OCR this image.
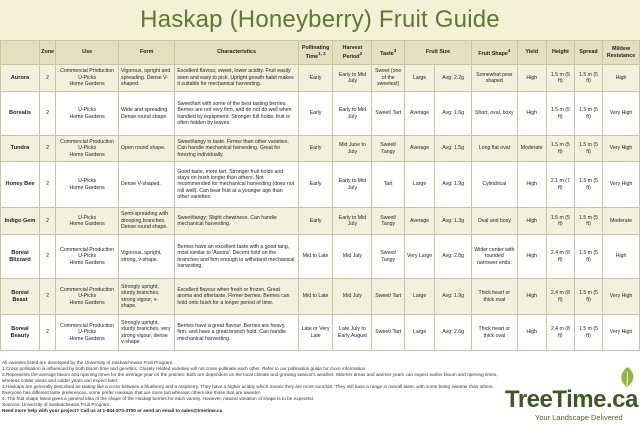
Haskap (Honeyberry) Fruit Guide
	Zone	Use	Form	Characteristics	Pollinating Time$^{1, 2}$	Harvest Period$^2$	Taste$^3$	Fruit Size		Fruit Shape$^4$	Yield	Height	Spread	Mildew Resistance
Aurora	2	Commercial Production
U-Picks
Home Gardens	Vigorous, upright and spreading. Dense V-shaped.	Excellent flavour, sweet, lower acidity. Fruit easily seen and easy to pick. Upright growth habit makes it suitable for mechanical harvesting.	Early	Early to Mid July	Sweet (one of the sweetest)	Large	Avg: 2.2g	Somewhat pear shaped	High	1.5 m (5 ft)	1.5 m (5 ft)	High
Borealis	2	U-Picks
Home Gardens	Wide and spreading. Dense round shape.	Sweet/tart with some of the best tasting berries. Berries are not very firm, and do not do well when handled by equipment. Stronger full holds, fruit is often hidden by leaves.	Early	Early to Mid July	Sweet/ Tart	Average	Avg: 1.6g	Short, oval, boxy	High	1.5 m (5 ft)	1.5 m (5 ft)	Very High
Tundra	2	Commercial Production
U-Picks
Home Gardens	Open round shape.	Sweet/tangy in taste. Firmer than other varieties. Can handle mechanical harvesting. Great for freezing individually.	Early	Mid June to July	Sweet/ Tangy	Average	Avg: 1.5g	Long flat oval	Moderate	1.5 m (5 ft)	1.5 m (5 ft)	Very High
Honey Bee	2	U-Picks
Home Gardens	Dense V-shaped.	Good taste, more tart. Stronger fruit holds and stays on bush longer than others. Not recommended for mechanical harvesting (does not roll well). Can bear fruit at a younger age than other varieties.	Early	Early to Mid July	Tart	Large	Avg: 1.9g	Cylindrical	High	2.1 m (7 ft)	1.5 m (5 ft)	Very High
Indigo Gem	2	U-Picks
Home Gardens	Semi-spreading with drooping branches. Dense round shape.	Sweet/tangy; Slight chewiness. Can handle mechanical harvesting.	Early	Early to Mid July	Sweet/ Tangy	Average	Avg: 1.3g	Oval and boxy	High	1.5 m (5 ft)	1.5 m (5 ft)	Moderate
Boreal Blizzard	2	Commercial Production
U-Picks
Home Gardens	Vigorous, upright, strong, v-shape.	Berries have an excellent taste with a good tang, most similar to 'Aurora'. Decent hold on the branches and firm enough to withstand mechanical harvesting.	Mid to Late	Mid July	Sweet/ Tangy	Very Large	Avg: 2.8g	Wider center with rounded narrower ends.	High	2.4 m (8 ft)	1.5 m (5 ft)	High
Boreal Beast	2	Commercial Production
U-Picks
Home Gardens	Strongly upright, sturdy branches, strong vigour, v-shape.	Excellent flavour when fresh or frozen. Great aroma and aftertaste. Firmer berries. Berries can hold onto bush for a longer period of time.	Mid to Late	Mid July	Sweet/ Tart	Large	Avg: 1.9g	Thick heart or thick oval	High	2.4 m (8 ft)	1.5 m (5 ft)	Very High
Boreal Beauty	2	Commercial Production
U-Picks
Home Gardens	Strongly upright, sturdy branches, very strong vigour, dense v-shape.	Berries have a great flavour. Berries are heavy, firm, and have a great branch hold. Can handle mechanical harvesting.	Late or Very Late	Late July to Early August	Sweet/ Tart	Large	Avg: 2.6g	Thick heart or thick oval	High	2.4 m (8 ft)	1.5 m (5 ft)	Very High
All varieties listed are developed by the University of Saskatchewan Fruit Program.
1.Cross pollination is influenced by both bloom time and genetics. Closely related varieties will not cross-pollinate each other. Refer to our pollination guide for more information.
2.Represents the average bloom and ripening times for the average year on the prairies. Both are dependent on the local climate and growing season's weather. Warmer areas and warmer years can expect earlier bloom and ripening times, whereas colder areas and colder years can expect later.
3.Haskaps are generally described as tasting like a cross between a blueberry and a raspberry. They have a higher acidity which means they are more sour/tart. They still have a range in overall taste, with some being sweeter than others. Everyone has different taste preferences, some prefer Haskaps that are more tart whereas others like those that are sweeter.
4. The fruit shape listed gives a general idea of the shape of the Haskap berries for each variety. However, natural variation of shape is to be expected.
Sources: University of Saskatchewan Fruit Program.
Need more help with your project? Call us at 1-844-873-3700 or send an email to sales@treetime.ca	TreeTime.ca
Your Landscape Delivered
